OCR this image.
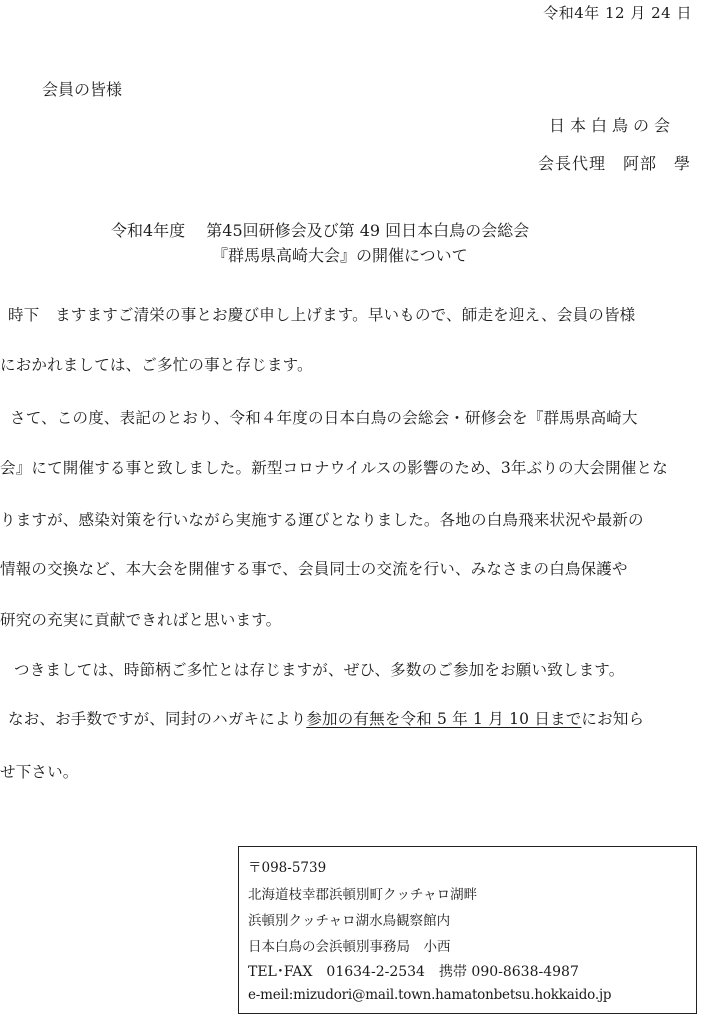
令和4年 12 月 24 日
会員の皆様
日本白鳥の会
会長代理　阿部　學
令和4年度　 第45回研修会及び第 49 回日本白鳥の会総会
『群馬県高崎大会』の開催について
時下　ますますご清栄の事とお慶び申し上げます。早いもので、師走を迎え、会員の皆様
におかれましては、ご多忙の事と存じます。
さて、この度、表記のとおり、令和４年度の日本白鳥の会総会・研修会を『群馬県高崎大
会』にて開催する事と致しました。新型コロナウイルスの影響のため、3年ぶりの大会開催とな
りますが、感染対策を行いながら実施する運びとなりました。各地の白鳥飛来状況や最新の
情報の交換など、本大会を開催する事で、会員同士の交流を行い、みなさまの白鳥保護や
研究の充実に貢献できればと思います。
つきましては、時節柄ご多忙とは存じますが、ぜひ、多数のご参加をお願い致します。
なお、お手数ですが、同封のハガキにより参加の有無を令和 5 年 1 月 10 日までにお知ら
せ下さい。
〒098-5739
北海道枝幸郡浜頓別町クッチャロ湖畔
浜頓別クッチャロ湖水鳥観察館内
日本白鳥の会浜頓別事務局　小西
TEL･FAX　01634-2-2534　携帯 090-8638-4987
e-meil:mizudori@mail.town.hamatonbetsu.hokkaido.jp
